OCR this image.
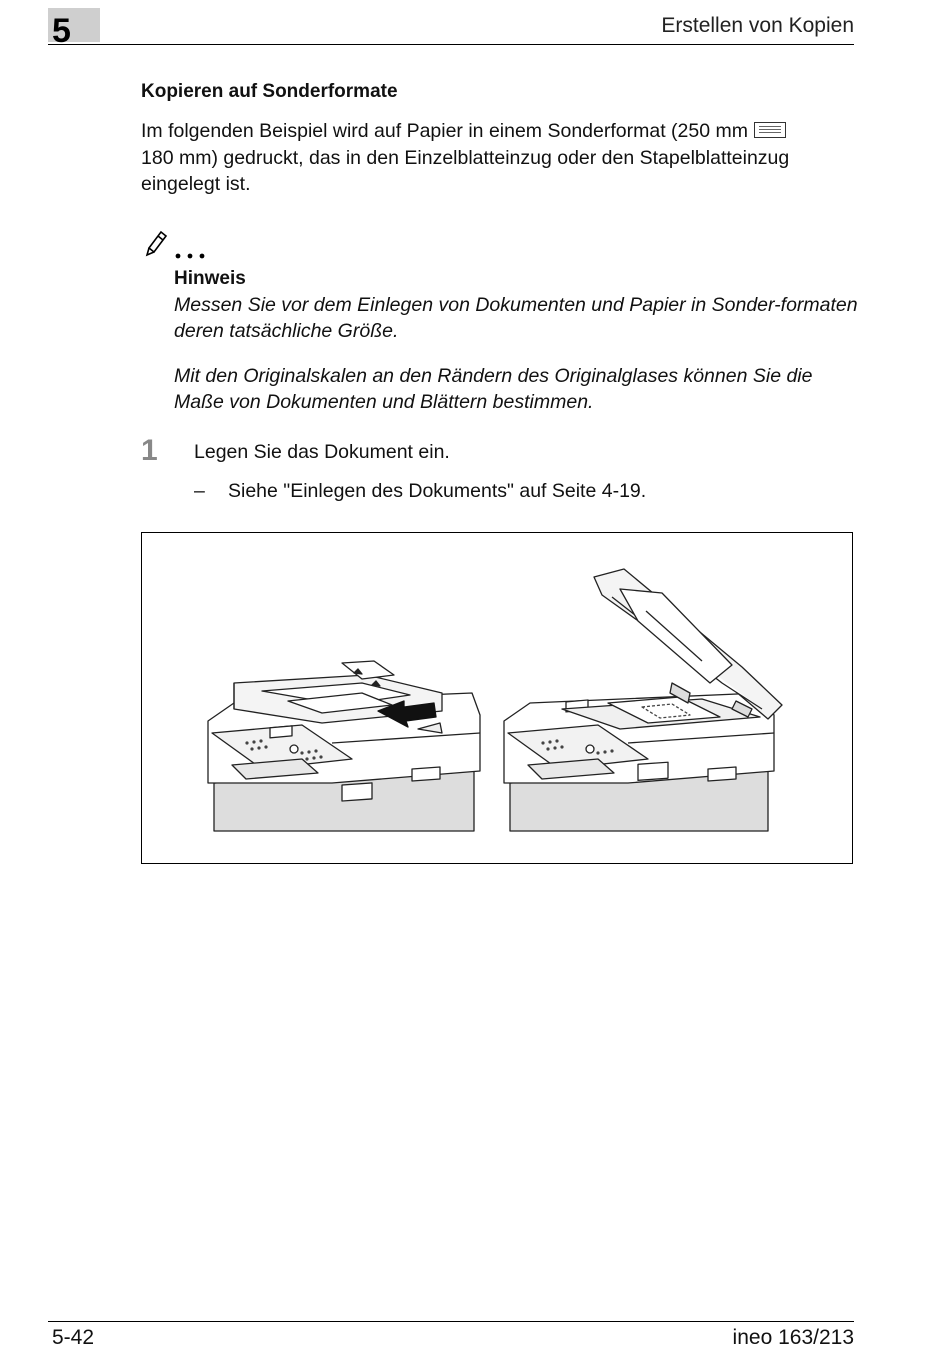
5	Erstellen von Kopien
Kopieren auf Sonderformate
Im folgenden Beispiel wird auf Papier in einem Sonderformat (250 mm

180 mm) gedruckt, das in den Einzelblatteinzug oder den Stapelblatteinzug eingelegt ist.
Hinweis
Messen Sie vor dem Einlegen von Dokumenten und Papier in Sonder-formaten deren tatsächliche Größe.
Mit den Originalskalen an den Rändern des Originalglases können Sie die Maße von Dokumenten und Blättern bestimmen.
1 Legen Sie das Dokument ein.
– Siehe "Einlegen des Dokuments" auf Seite 4-19.
5-42	ineo 163/213
